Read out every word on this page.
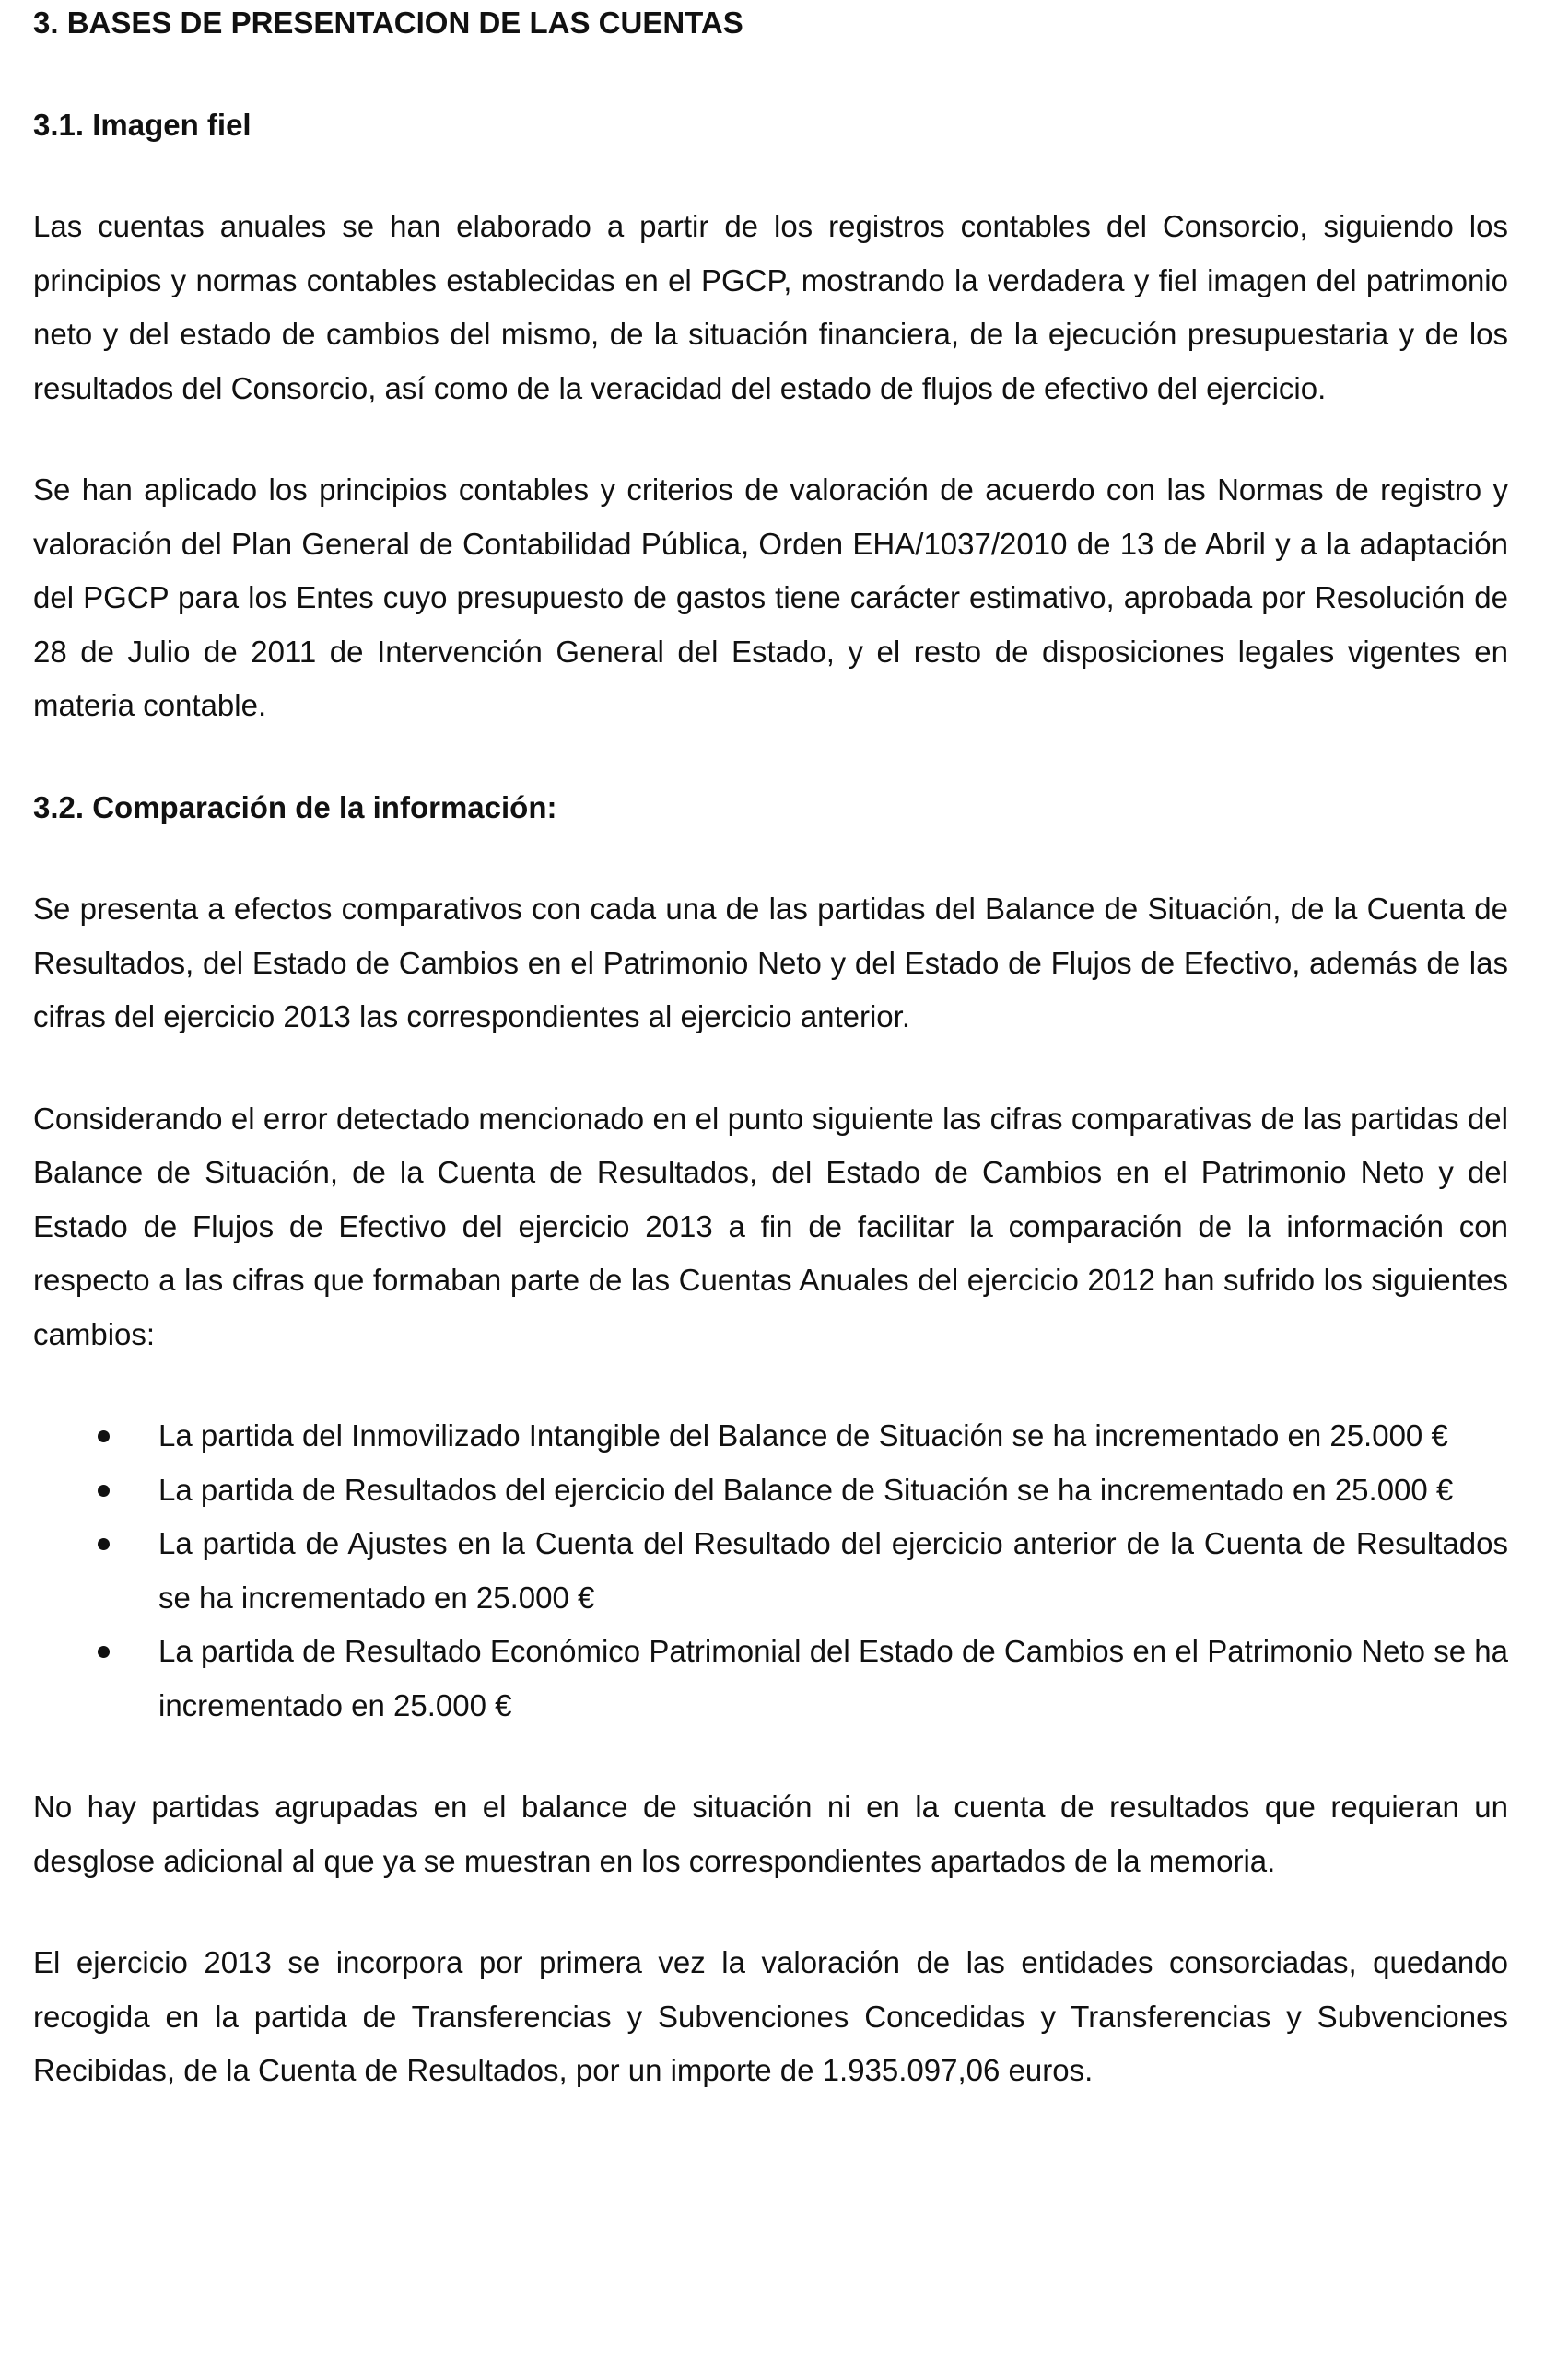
3. BASES DE PRESENTACION DE LAS CUENTAS

3.1. Imagen fiel

Las cuentas anuales se han elaborado a partir de los registros contables del Consorcio, siguiendo los principios y normas contables establecidas en el PGCP, mostrando la verdadera y fiel imagen del patrimonio neto y del estado de cambios del mismo, de la situación financiera, de la ejecución presupuestaria y de los resultados del Consorcio, así como de la veracidad del estado de flujos de efectivo del ejercicio.

Se han aplicado los principios contables y criterios de valoración de acuerdo con las Normas de registro y valoración del Plan General de Contabilidad Pública, Orden EHA/1037/2010 de 13 de Abril y a la adaptación del PGCP para los Entes cuyo presupuesto de gastos tiene carácter estimativo, aprobada por Resolución de 28 de Julio de 2011 de Intervención General del Estado, y el resto de disposiciones legales vigentes en materia contable.

3.2. Comparación de la información:

Se presenta a efectos comparativos con cada una de las partidas del Balance de Situación, de la Cuenta de Resultados, del Estado de Cambios en el Patrimonio Neto y del Estado de Flujos de Efectivo, además de las cifras del ejercicio 2013 las correspondientes al ejercicio anterior.

Considerando el error detectado mencionado en el punto siguiente las cifras comparativas de las partidas del Balance de Situación, de la Cuenta de Resultados, del Estado de Cambios en el Patrimonio Neto y del Estado de Flujos de Efectivo del ejercicio 2013 a fin de facilitar la comparación de la información con respecto a las cifras que formaban parte de las Cuentas Anuales del ejercicio 2012 han sufrido los siguientes cambios:

La partida del Inmovilizado Intangible del Balance de Situación se ha incrementado en 25.000 €
La partida de Resultados del ejercicio del Balance de Situación se ha incrementado en 25.000 €
La partida de Ajustes en la Cuenta del Resultado del ejercicio anterior de la Cuenta de Resultados se ha incrementado en 25.000 €
La partida de Resultado Económico Patrimonial del Estado de Cambios en el Patrimonio Neto se ha incrementado en 25.000 €

No hay partidas agrupadas en el balance de situación ni en la cuenta de resultados que requieran un desglose adicional al que ya se muestran en los correspondientes apartados de la memoria.

El ejercicio 2013 se incorpora por primera vez la valoración de las entidades consorciadas, quedando recogida en la partida de Transferencias y Subvenciones Concedidas y Transferencias y Subvenciones Recibidas, de la Cuenta de Resultados, por un importe de 1.935.097,06 euros.
